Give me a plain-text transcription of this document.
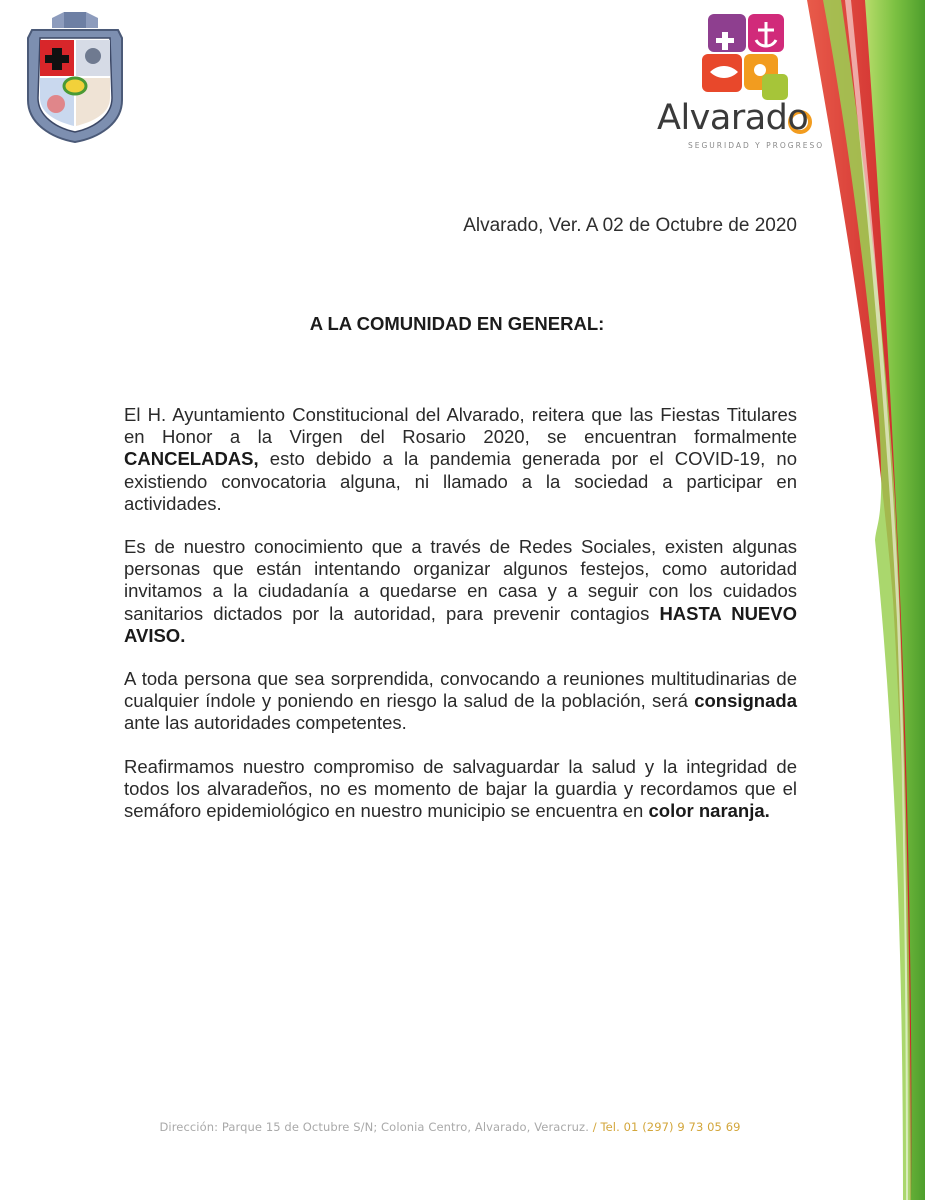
Alvarado
SEGURIDAD Y PROGRESO
Alvarado, Ver. A 02 de Octubre de 2020
A LA COMUNIDAD EN GENERAL:

El H. Ayuntamiento Constitucional del Alvarado, reitera que las Fiestas Titulares en Honor a la Virgen del Rosario 2020, se encuentran formalmente CANCELADAS, esto debido a la pandemia generada por el COVID-19, no existiendo convocatoria alguna, ni llamado a la sociedad a participar en actividades.

Es de nuestro conocimiento que a través de Redes Sociales, existen algunas personas que están intentando organizar algunos festejos, como autoridad invitamos a la ciudadanía a quedarse en casa y a seguir con los cuidados sanitarios dictados por la autoridad, para prevenir contagios HASTA NUEVO AVISO.

A toda persona que sea sorprendida, convocando a reuniones multitudinarias de cualquier índole y poniendo en riesgo la salud de la población, será consignada ante las autoridades competentes.

Reafirmamos nuestro compromiso de salvaguardar la salud y la integridad de todos los alvaradeños, no es momento de bajar la guardia y recordamos que el semáforo epidemiológico en nuestro municipio se encuentra en color naranja.

Dirección: Parque 15 de Octubre S/N; Colonia Centro, Alvarado, Veracruz. / Tel. 01 (297) 9 73 05 69
